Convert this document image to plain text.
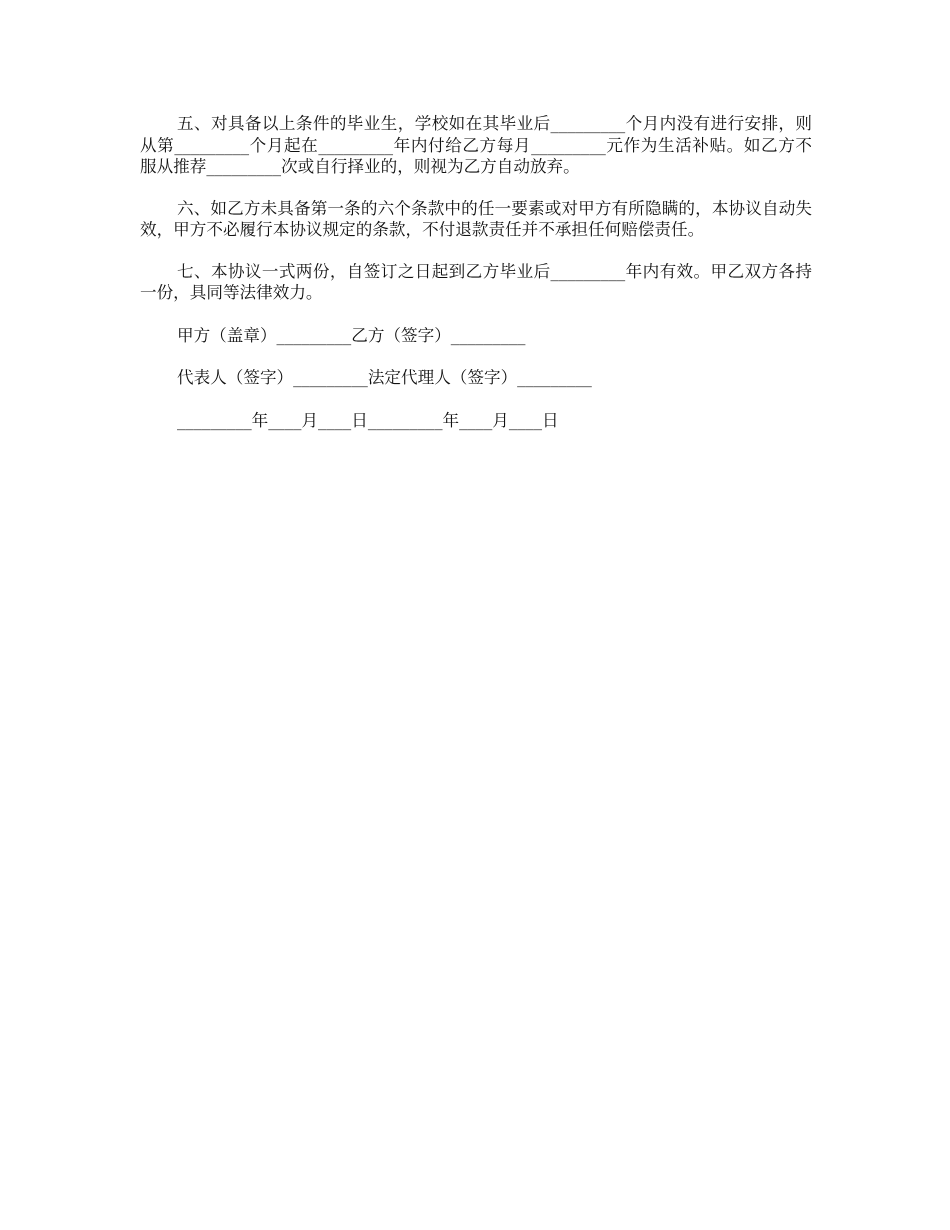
五、对具备以上条件的毕业生，学校如在其毕业后_________个月内没有进行安排，则从第_________个月起在_________年内付给乙方每月_________元作为生活补贴。如乙方不服从推荐_________次或自行择业的，则视为乙方自动放弃。

六、如乙方未具备第一条的六个条款中的任一要素或对甲方有所隐瞒的，本协议自动失效，甲方不必履行本协议规定的条款，不付退款责任并不承担任何赔偿责任。

七、本协议一式两份，自签订之日起到乙方毕业后_________年内有效。甲乙双方各持一份，具同等法律效力。

甲方（盖章）_________乙方（签字）_________

代表人（签字）_________法定代理人（签字）_________

_________年____月____日_________年____月____日
